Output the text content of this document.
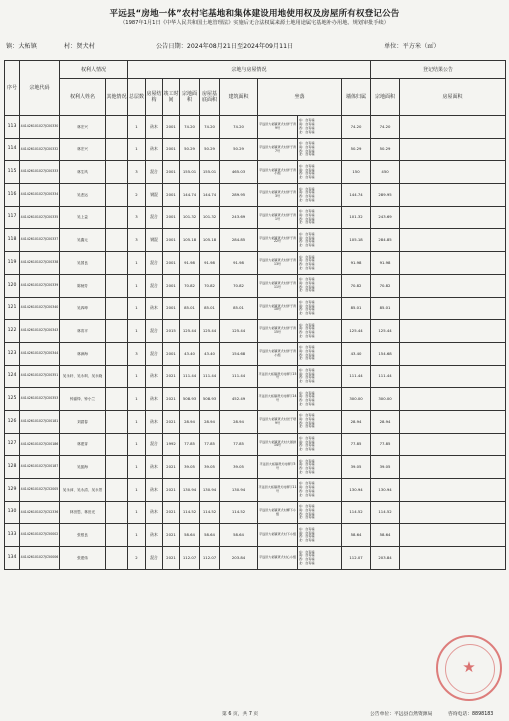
平远县“房地一体”农村宅基地和集体建设用地使用权及房屋所有权登记公告
（1987年1月1日《中华人民共和国土地管理法》实施后无合法权属来源土地用途属宅基地补办用地、规划审批手续）
镇：大柘镇	村：贤犬村	公告日期：2024年08月21日至2024年09月11日	单位：平方米（㎡）
序号	宗地代码	权利人情况		宗地与房屋情况									登记结果公告	
		权利人姓名	其他情况	总层数	房屋结构	竣工时间	宗地面积	房屋基底面积	建筑面积	坐落		墙体归属	宗地面积	房屋面积	
113	441426101027JC00330	林宏兴		1	砖木	2001	74.20	74.20	74.20	平远县大柘镇贤犬村洋子背9号	东：自有墙
南：自有墙
西：自有墙
北：自有墙	74.20	74.20		
114	441426101027JC00332	林宏兴		1	砖木	2001	50.29	50.29	50.29	平远县大柘镇贤犬村洋子背7号	东：自有墙
南：自有墙
西：自有墙
北：自有墙	50.29	50.29		
115	441426101027JC00333	林生风		3	混合	2001	155.01	155.01	465.03	平远县大柘镇贤犬村洋子背小组	东：自有墙
南：自有墙
西：自有墙
北：自有墙	150	450		
116	441426101027JC00334	吴悲运		2	钢混	2001	144.74	144.74	289.95	平远县大柘镇贤犬村洋子背3号	东：自有墙
南：自有墙
西：自有墙
北：自有墙	144.74	289.95		
117	441426101027JC00335	吴上益		3	混合	2001	101.32	101.32	243.69	平远县大柘镇贤犬村洋子背1号	东：自有墙
南：自有墙
西：自有墙
北：自有墙	101.32	243.69		
118	441426101027JC00337	吴鑫元		3	钢混	2001	105.18	105.18	284.85	平远县大柘镇贤犬村洋子背22号	东：自有墙
南：自有墙
西：自有墙
北：自有墙	105.18	284.85		
119	441426101027JC00338	吴国良		1	混合	2001	91.98	91.98	91.98	平远县大柘镇贤犬村洋子背13号	东：自有墙
南：自有墙
西：自有墙
北：自有墙	91.98	91.98		
120	441426101027JC00339	陈柄芳		1	混合	2001	70.82	70.82	70.82	平远县大柘镇贤犬村洋子背11号	东：自有墙
南：自有墙
西：自有墙
北：自有墙	70.82	70.82		
121	441426101027JC00340	吴四坤		1	砖木	2001	85.01	85.01	85.01	平远县大柘镇贤犬村洋子背10号	东：自有墙
南：自有墙
西：自有墙
北：自有墙	85.01	85.01		
122	441426101027JC00343	林宵平		1	混合	2015	125.44	125.44	125.44	平远县大柘镇贤犬村洋子背15号	东：自有墙
南：自有墙
西：自有墙
北：自有墙	125.44	125.44		
123	441426101027JC00344	林润海		3	混合	2001	43.40	43.40	154.68	平远县大柘镇贤犬村洋子背小组	东：自有墙
南：自有墙
西：自有墙
北：自有墙	43.40	154.68		
124	441426101027JC00351	吴永轩、吴永圳、吴永晓		1	砖木	2021	111.44	111.44	111.44	平远县大柘镇贤犬村柳下15号	东：自有墙
南：自有墙
西：自有墙
北：自有墙	111.44	111.44		
125	441426101027JC00353	钟嘉铎、钟小兰		1	砖木	2021	508.93	508.93	452.49	平远县大柘镇贤犬村柳下14号	东：自有墙
南：自有墙
西：自有墙
北：自有墙	300.00	300.00		
126	441426101027JC00181	刘碧春		1	砖木	2021	28.94	28.94	28.94	平远县大柘镇贤犬村尧子坝9号	东：自有墙
南：自有墙
西：自有墙
北：自有墙	28.94	28.94		
127	441426101027JC00186	林建芽		1	混合	1992	77.85	77.85	77.85	平远县大柘镇贤犬村大屋排14号	东：自有墙
南：自有墙
西：自有墙
北：自有墙	77.85	77.85		
128	441426101027JC00187	吴振海		1	砖木	2021	39.05	39.05	39.05	平远县大柘镇贤犬村柳下5号	东：自有墙
南：自有墙
西：自有墙
北：自有墙	39.05	39.05		
129	441426101027JC52005	吴永沛、吴永清、吴永景		1	砖木	2021	130.94	130.94	130.94	平远县大柘镇贤犬村柳下11号	东：自有墙
南：自有墙
西：自有墙
北：自有墙	130.94	130.94		
130	441426101027JC52336	林田思、林田光		1	砖木	2021	114.52	114.52	114.52	平远县大柘镇贤犬村柳下小组	东：自有墙
南：自有墙
西：自有墙
北：自有墙	114.52	114.52		
133	441426101027JC50002	张根良		1	砖木	2021	58.64	58.64	58.64	平远县大柘镇贤犬村下小组	东：自有墙
南：自有墙
西：自有墙
北：自有墙	58.64	58.64		
134	441426101027JC50006	张建伟		2	混合	2021	112.07	112.07	203.84	平远县大柘镇贤犬村心小组	东：自有墙
南：自有墙
西：自有墙
北：自有墙	112.07	203.84		
★
第 6 页，共 7 页	公告单位：平远县自然资源局	咨询电话：8898183
